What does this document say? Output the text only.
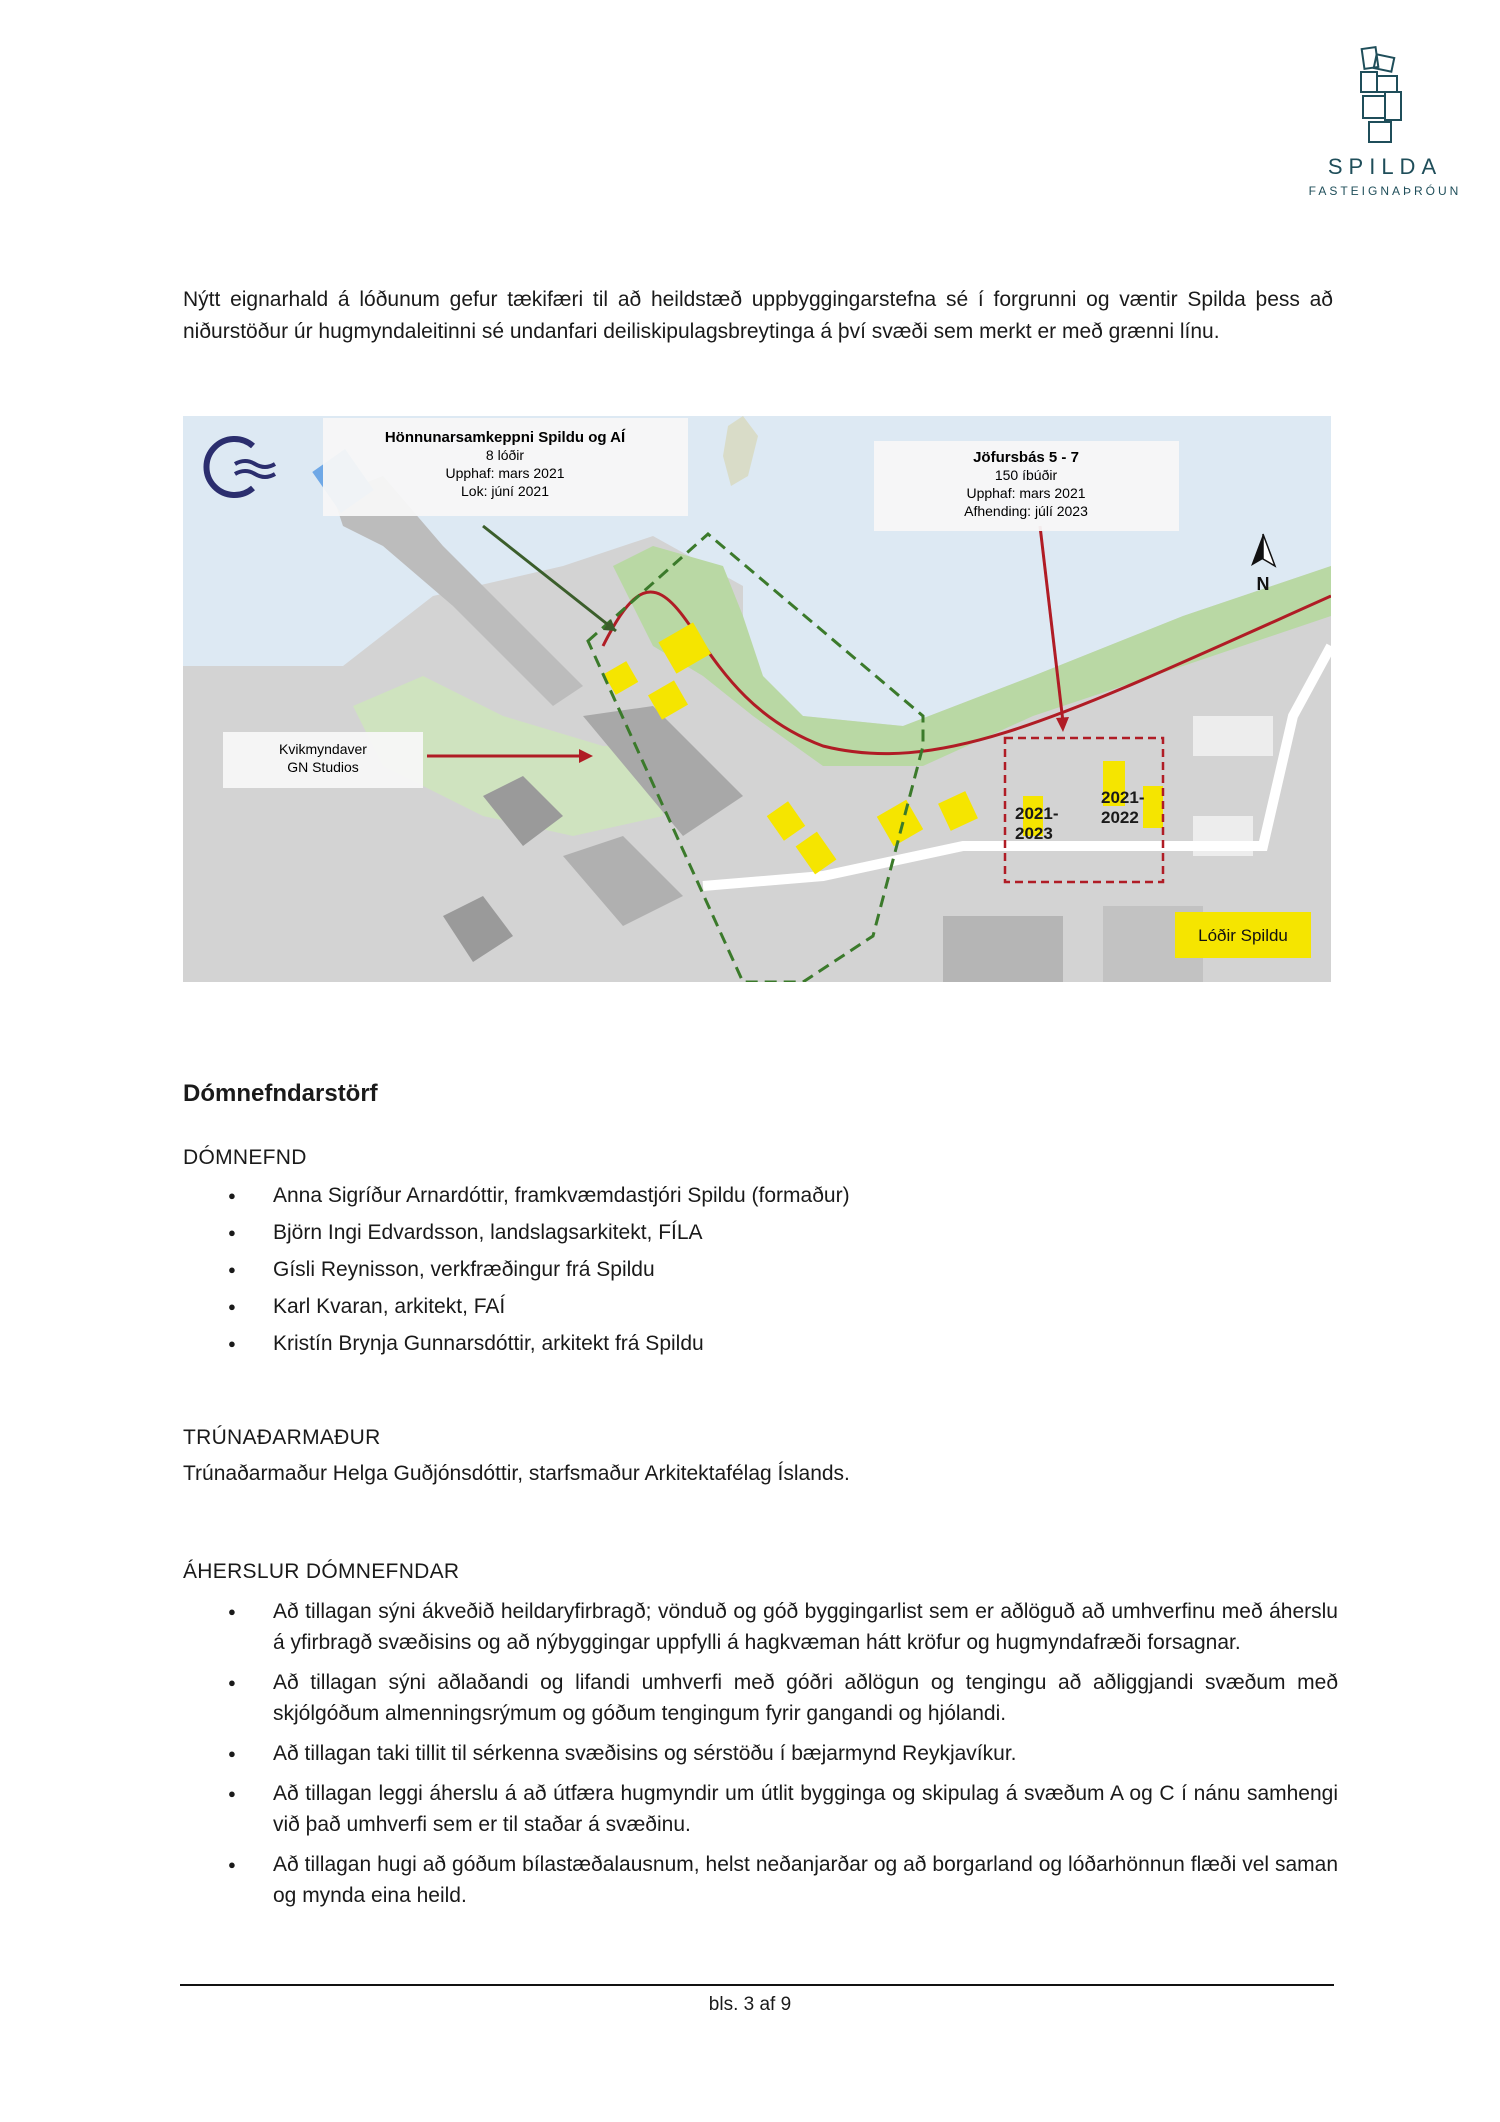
SPILDA
FASTEIGNAÞRÓUN
Nýtt eignarhald á lóðunum gefur tækifæri til að heildstæð uppbyggingarstefna sé í forgrunni og væntir Spilda þess að niðurstöður úr hugmyndaleitinni sé undanfari deiliskipulagsbreytinga á því svæði sem merkt er með grænni línu.
N
Hönnunarsamkeppni Spildu og AÍ
8 lóðir
Upphaf: mars 2021
Lok: júní 2021
Jöfursbás 5 - 7
150 íbúðir
Upphaf: mars 2021
Afhending: júlí 2023
Kvikmyndaver
GN Studios
2021-2023
2021-2022
Lóðir Spildu
Dómnefndarstörf
DÓMNEFND
● Anna Sigríður Arnardóttir, framkvæmdastjóri Spildu (formaður)
● Björn Ingi Edvardsson, landslagsarkitekt, FÍLA
● Gísli Reynisson, verkfræðingur frá Spildu
● Karl Kvaran, arkitekt, FAÍ
● Kristín Brynja Gunnarsdóttir, arkitekt frá Spildu
TRÚNAÐARMAÐUR
Trúnaðarmaður Helga Guðjónsdóttir, starfsmaður Arkitektafélag Íslands.
ÁHERSLUR DÓMNEFNDAR
● Að tillagan sýni ákveðið heildaryfirbragð; vönduð og góð byggingarlist sem er aðlöguð að umhverfinu með áherslu á yfirbragð svæðisins og að nýbyggingar uppfylli á hagkvæman hátt kröfur og hugmyndafræði forsagnar.
● Að tillagan sýni aðlaðandi og lifandi umhverfi með góðri aðlögun og tengingu að aðliggjandi svæðum með skjólgóðum almenningsrýmum og góðum tengingum fyrir gangandi og hjólandi.
● Að tillagan taki tillit til sérkenna svæðisins og sérstöðu í bæjarmynd Reykjavíkur.
● Að tillagan leggi áherslu á að útfæra hugmyndir um útlit bygginga og skipulag á svæðum A og C í nánu samhengi við það umhverfi sem er til staðar á svæðinu.
● Að tillagan hugi að góðum bílastæðalausnum, helst neðanjarðar og að borgarland og lóðarhönnun flæði vel saman og mynda eina heild.
bls. 3 af 9
